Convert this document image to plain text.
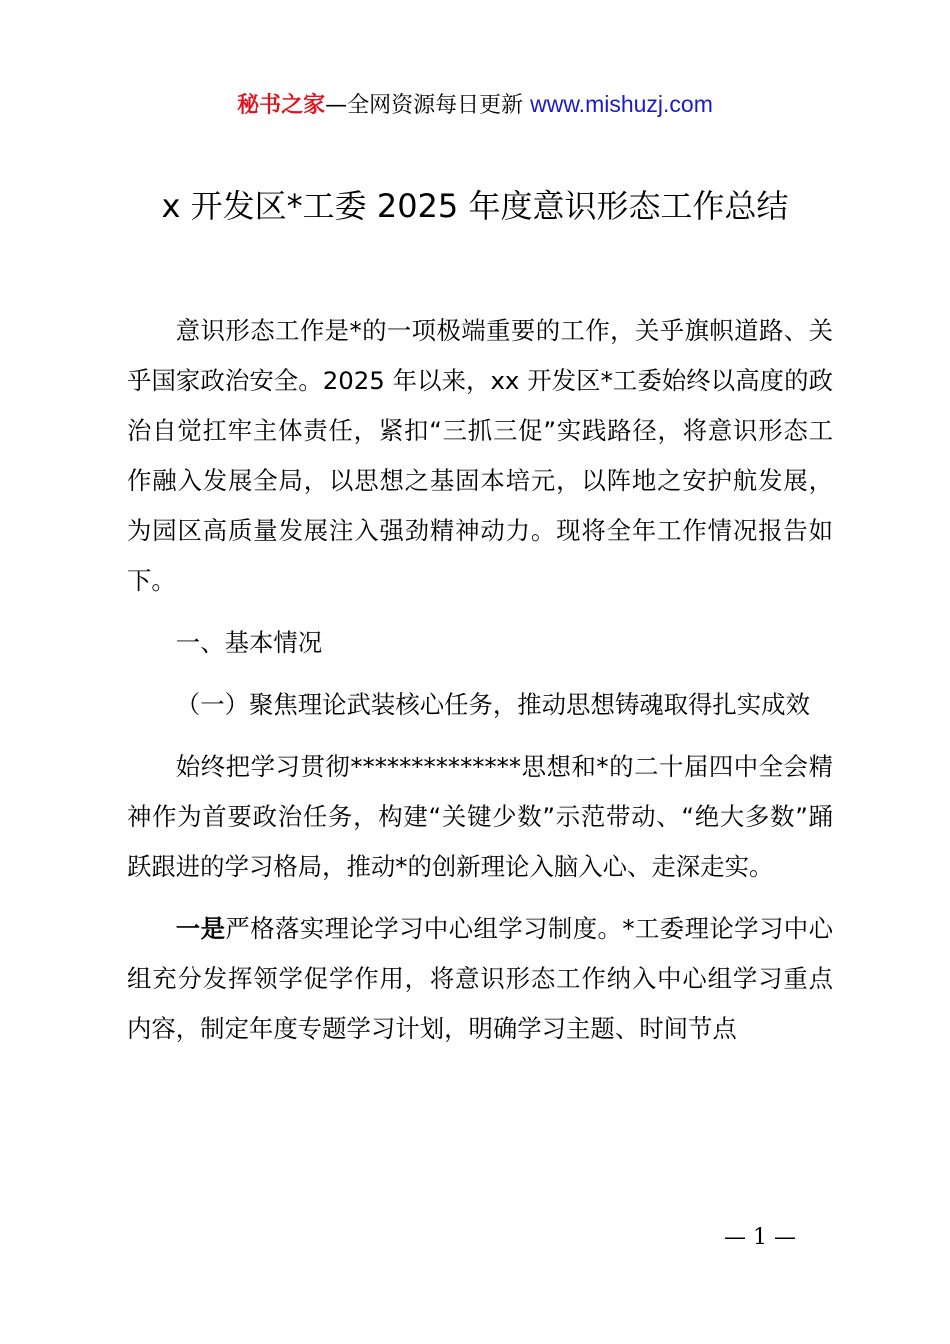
秘书之家—全网资源每日更新 www.mishuzj.com
x 开发区*工委 2025 年度意识形态工作总结

意识形态工作是*的一项极端重要的工作，关乎旗帜道路、关乎国家政治安全。2025 年以来，xx 开发区*工委始终以高度的政治自觉扛牢主体责任，紧扣“三抓三促”实践路径，将意识形态工作融入发展全局，以思想之基固本培元，以阵地之安护航发展，为园区高质量发展注入强劲精神动力。现将全年工作情况报告如下。

一、基本情况

（一）聚焦理论武装核心任务，推动思想铸魂取得扎实成效

始终把学习贯彻**************思想和*的二十届四中全会精神作为首要政治任务，构建“关键少数”示范带动、“绝大多数”踊跃跟进的学习格局，推动*的创新理论入脑入心、走深走实。

一是严格落实理论学习中心组学习制度。*工委理论学习中心组充分发挥领学促学作用，将意识形态工作纳入中心组学习重点内容，制定年度专题学习计划，明确学习主题、时间节点

— 1 —
